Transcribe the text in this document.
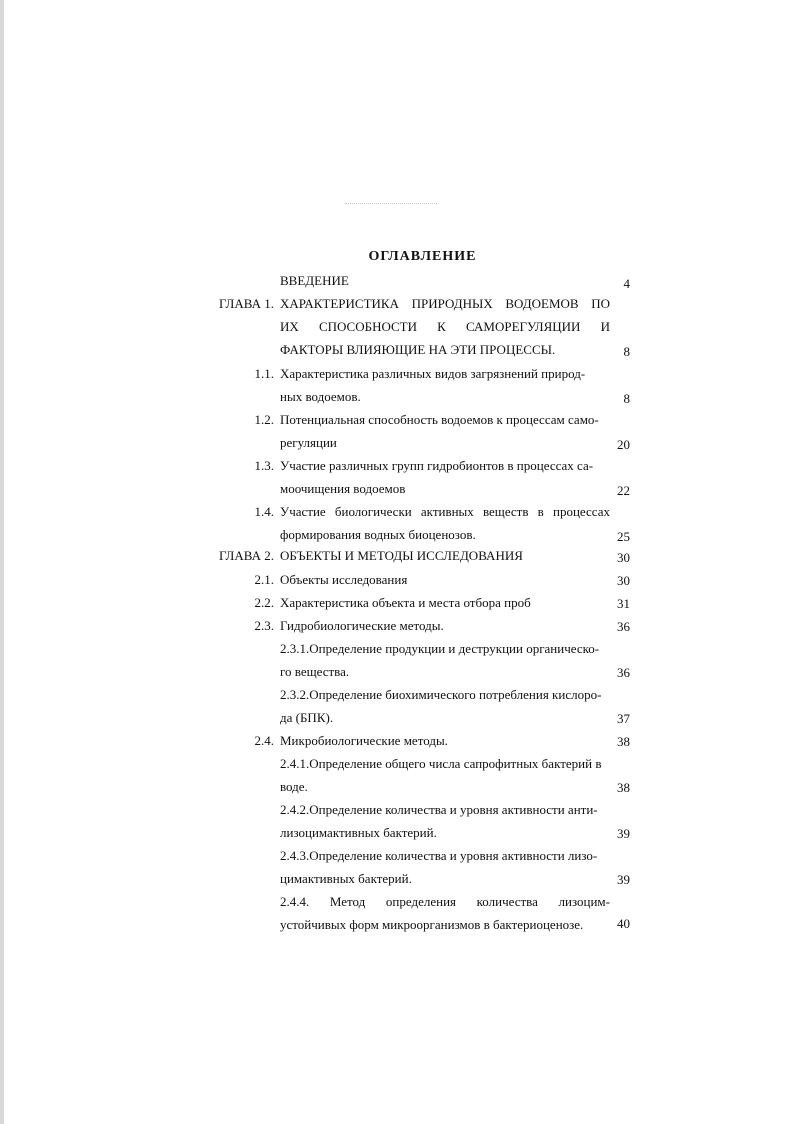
ОГЛАВЛЕНИЕ
ВВЕДЕНИЕ	4
ГЛАВА 1. ХАРАКТЕРИСТИКА ПРИРОДНЫХ ВОДОЕМОВ ПО
ИХ СПОСОБНОСТИ К САМОРЕГУЛЯЦИИ И
ФАКТОРЫ ВЛИЯЮЩИЕ НА ЭТИ ПРОЦЕССЫ.	8
1.1. Характеристика различных видов загрязнений природ-
ных водоемов.	8
1.2. Потенциальная способность водоемов к процессам само-
регуляции	20
1.3. Участие различных групп гидробионтов в процессах са-
моочищения водоемов	22
1.4. Участие биологически активных веществ в процессах
формирования водных биоценозов.	25
ГЛАВА 2. ОБЪЕКТЫ И МЕТОДЫ ИССЛЕДОВАНИЯ	30
2.1. Объекты исследования	30
2.2. Характеристика объекта и места отбора проб	31
2.3. Гидробиологические методы.	36
2.3.1.Определение продукции и деструкции органическо-
го вещества.	36
2.3.2.Определение биохимического потребления кислоро-
да (БПК).	37
2.4. Микробиологические методы.	38
2.4.1.Определение общего числа сапрофитных бактерий в
воде.	38
2.4.2.Определение количества и уровня активности анти-
лизоцимактивных бактерий.	39
2.4.3.Определение количества и уровня активности лизо-
цимактивных бактерий.	39
2.4.4. Метод определения количества лизоцим-
устойчивых форм микроорганизмов в бактериоценозе.	40
